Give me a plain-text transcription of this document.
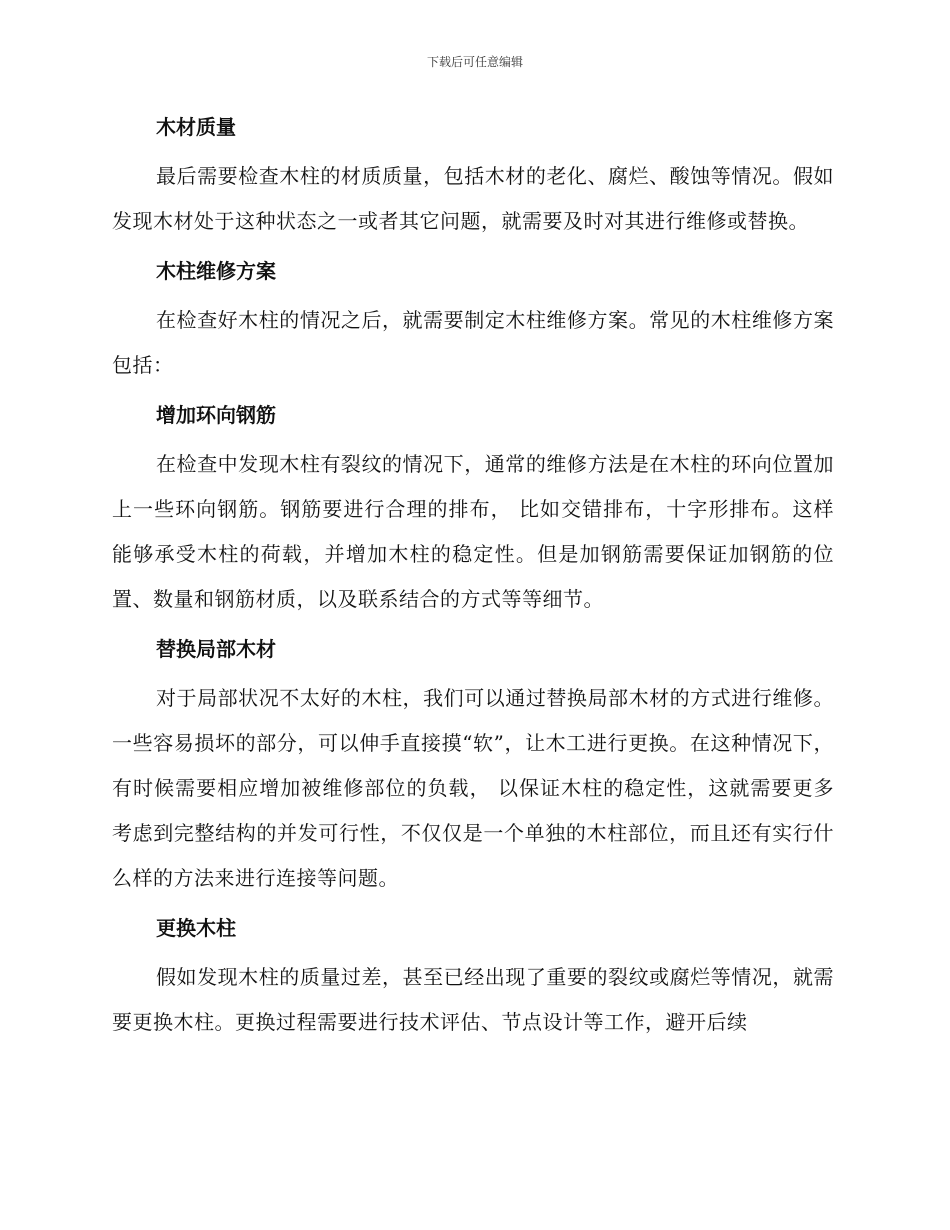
下载后可任意编辑
木材质量

最后需要检查木柱的材质质量，包括木材的老化、腐烂、酸蚀等情况。假如发现木材处于这种状态之一或者其它问题，就需要及时对其进行维修或替换。

木柱维修方案

在检查好木柱的情况之后，就需要制定木柱维修方案。常见的木柱维修方案包括：

增加环向钢筋

在检查中发现木柱有裂纹的情况下，通常的维修方法是在木柱的环向位置加上一些环向钢筋。钢筋要进行合理的排布， 比如交错排布，十字形排布。这样能够承受木柱的荷载，并增加木柱的稳定性。但是加钢筋需要保证加钢筋的位置、数量和钢筋材质，以及联系结合的方式等等细节。

替换局部木材

对于局部状况不太好的木柱，我们可以通过替换局部木材的方式进行维修。一些容易损坏的部分，可以伸手直接摸“软”，让木工进行更换。在这种情况下，有时候需要相应增加被维修部位的负载， 以保证木柱的稳定性，这就需要更多考虑到完整结构的并发可行性，不仅仅是一个单独的木柱部位，而且还有实行什么样的方法来进行连接等问题。

更换木柱

假如发现木柱的质量过差，甚至已经出现了重要的裂纹或腐烂等情况，就需要更换木柱。更换过程需要进行技术评估、节点设计等工作，避开后续
